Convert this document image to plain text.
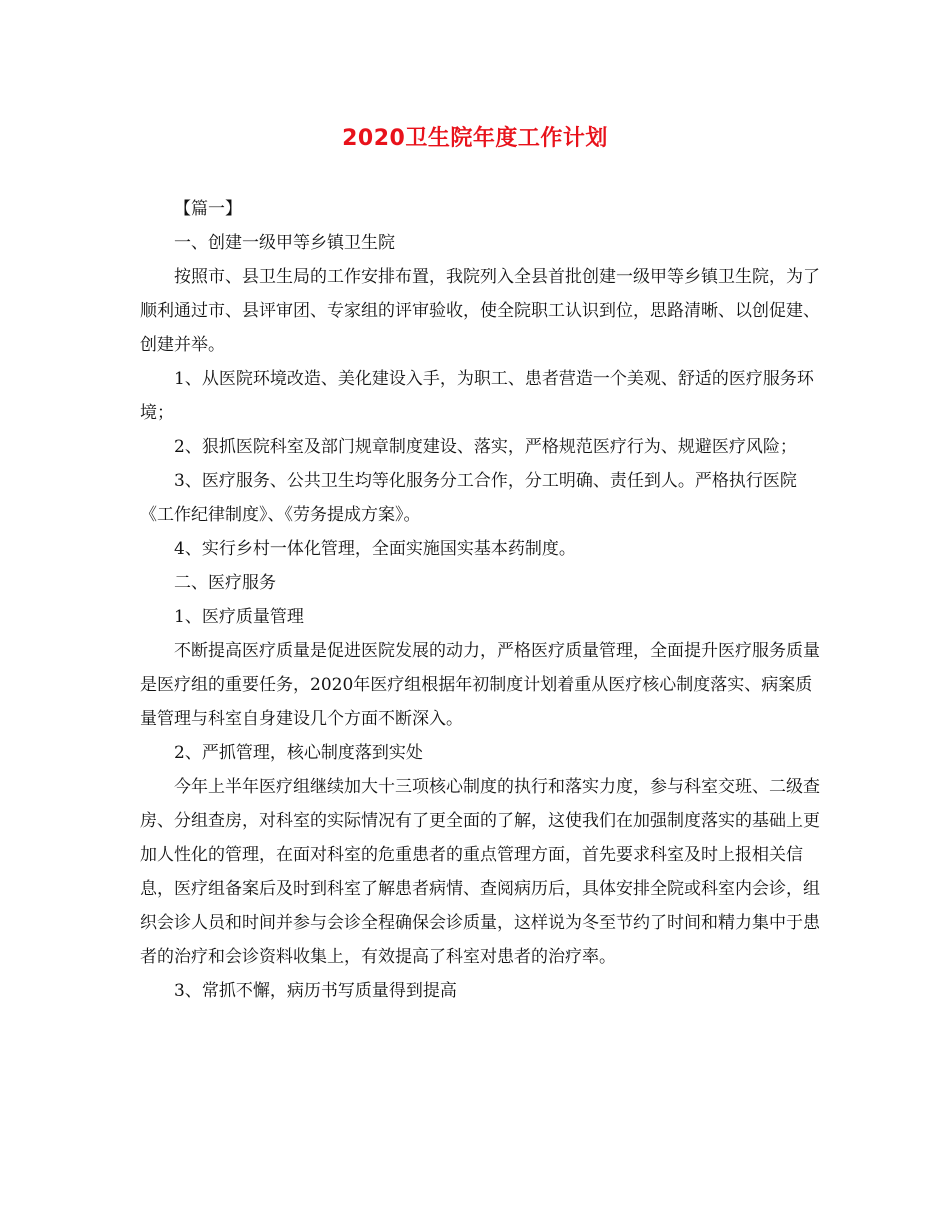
2020卫生院年度工作计划

【篇一】

一、创建一级甲等乡镇卫生院

按照市、县卫生局的工作安排布置，我院列入全县首批创建一级甲等乡镇卫生院，为了顺利通过市、县评审团、专家组的评审验收，使全院职工认识到位，思路清晰、以创促建、创建并举。

1、从医院环境改造、美化建设入手，为职工、患者营造一个美观、舒适的医疗服务环境；

2、狠抓医院科室及部门规章制度建设、落实，严格规范医疗行为、规避医疗风险；

3、医疗服务、公共卫生均等化服务分工合作，分工明确、责任到人。严格执行医院《工作纪律制度》、《劳务提成方案》。

4、实行乡村一体化管理，全面实施国实基本药制度。

二、医疗服务

1、医疗质量管理

不断提高医疗质量是促进医院发展的动力，严格医疗质量管理，全面提升医疗服务质量是医疗组的重要任务，2020年医疗组根据年初制度计划着重从医疗核心制度落实、病案质量管理与科室自身建设几个方面不断深入。

2、严抓管理，核心制度落到实处

今年上半年医疗组继续加大十三项核心制度的执行和落实力度，参与科室交班、二级查房、分组查房，对科室的实际情况有了更全面的了解，这使我们在加强制度落实的基础上更加人性化的管理，在面对科室的危重患者的重点管理方面，首先要求科室及时上报相关信息，医疗组备案后及时到科室了解患者病情、查阅病历后，具体安排全院或科室内会诊，组织会诊人员和时间并参与会诊全程确保会诊质量，这样说为冬至节约了时间和精力集中于患者的治疗和会诊资料收集上，有效提高了科室对患者的治疗率。

3、常抓不懈，病历书写质量得到提高
